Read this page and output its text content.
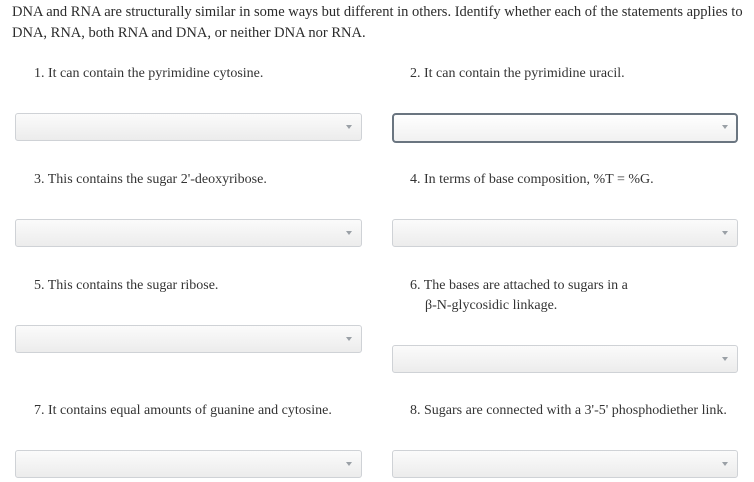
DNA and RNA are structurally similar in some ways but different in others. Identify whether each of the statements applies to DNA, RNA, both RNA and DNA, or neither DNA nor RNA.

1. It can contain the pyrimidine cytosine.	2. It can contain the pyrimidine uracil.

3. This contains the sugar 2'-deoxyribose.	4. In terms of base composition, %T = %G.

5. This contains the sugar ribose.	6. The bases are attached to sugars in a
β-N-glycosidic linkage.

7. It contains equal amounts of guanine and cytosine.	8. Sugars are connected with a 3'-5' phosphodiether link.
